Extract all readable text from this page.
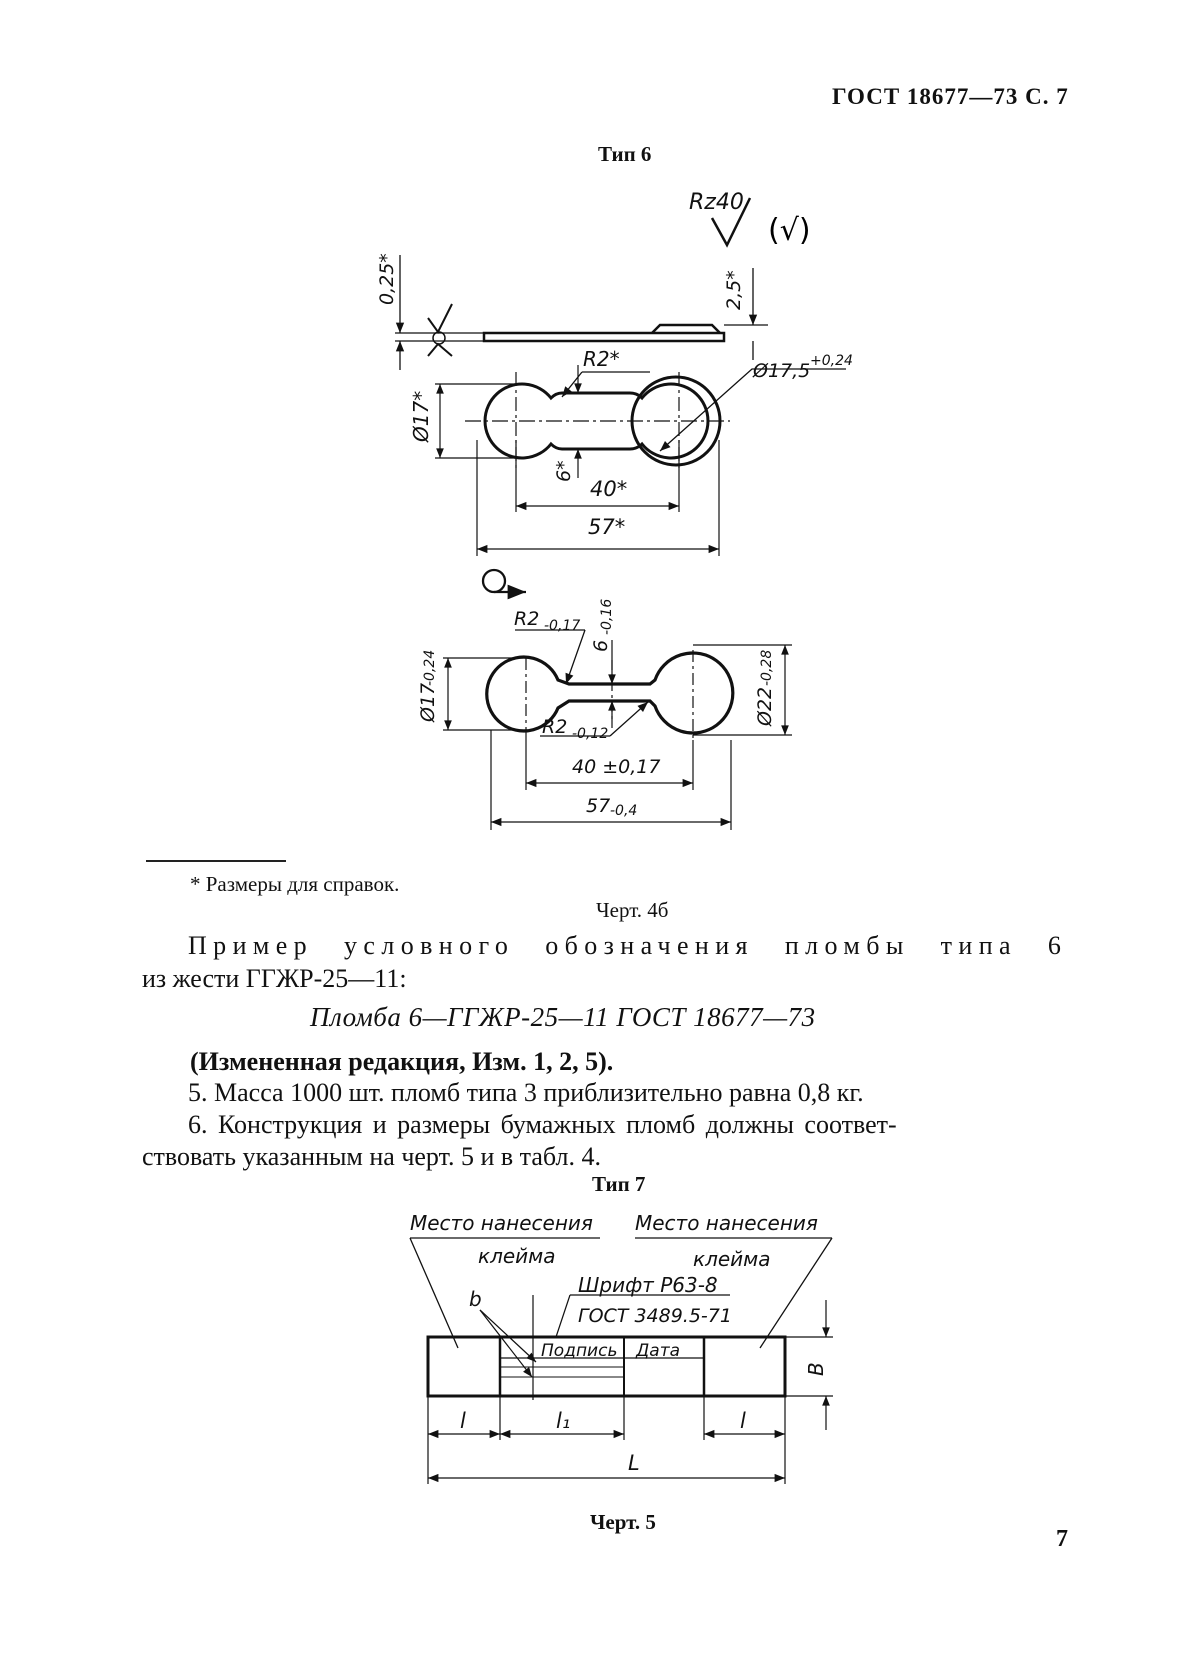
ГОСТ 18677—73 С. 7
Тип 6
Rz40
(√)
0,25*	2,5*
R2*	Ø17,5 +0,24
Ø17*
6*
40*
57*
R2 -0,17
6
-0,16
Ø17
-0,24
Ø22
-0,28
R2 -0,12
40 ±0,17
57 -0,4
Место нанесения
клейма
Место нанесения
клейма
Шрифт Р63-8
ГОСТ 3489.5-71
b
Подпись Дата
B
l	l₁	l
L
* Размеры для справок.
Черт. 4б
Пример условного обозначения пломбы типа 6
из жести ГГЖР-25—11:
Пломба 6—ГГЖР-25—11 ГОСТ 18677—73
(Измененная редакция, Изм. 1, 2, 5).
5. Масса 1000 шт. пломб типа 3 приблизительно равна 0,8 кг.
6. Конструкция и размеры бумажных пломб должны соответ-
ствовать указанным на черт. 5 и в табл. 4.
Тип 7
Черт. 5
7
